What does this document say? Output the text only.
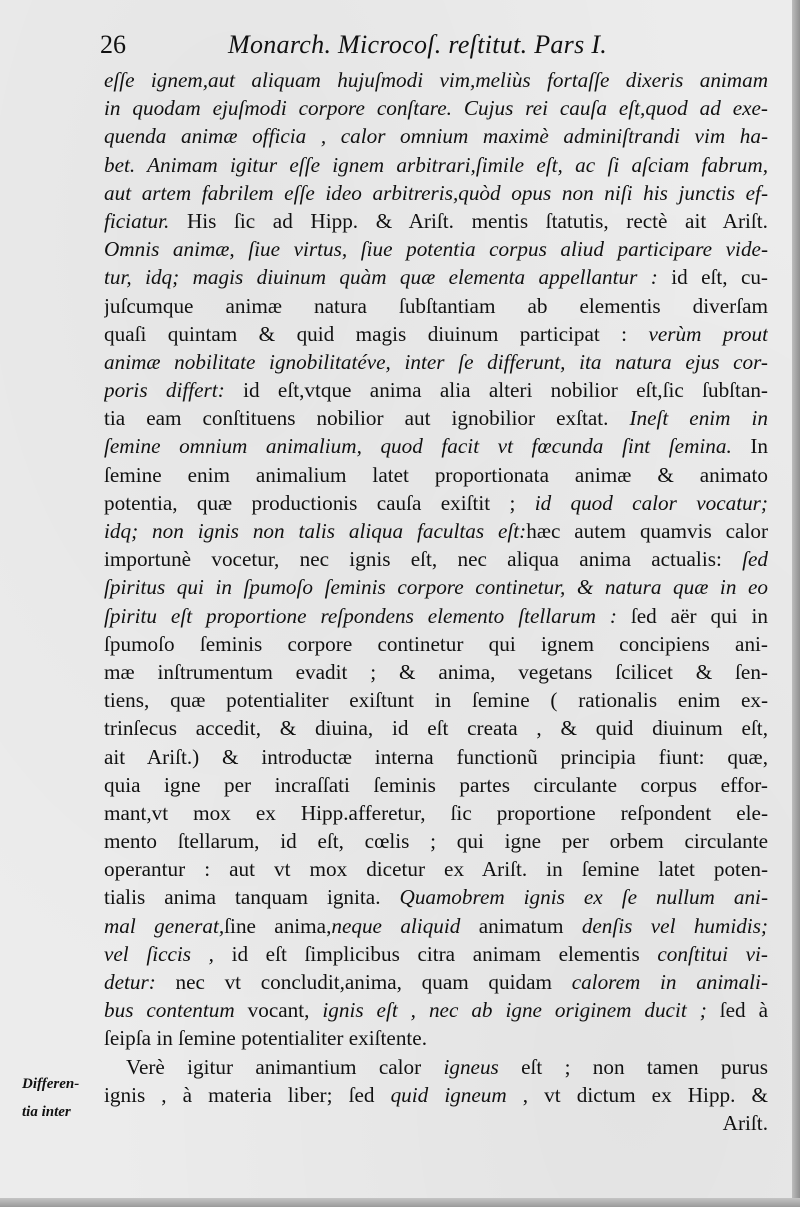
26	Monarch. Microcoſ. reſtitut. Pars I.
Differen-
tia inter
eſſe ignem,aut aliquam hujuſmodi vim,meliùs fortaſſe dixeris animam
in quodam ejuſmodi corpore conſtare. Cujus rei cauſa eſt,quod ad exe-
quenda animæ officia , calor omnium maximè adminiſtrandi vim ha-
bet. Animam igitur eſſe ignem arbitrari,ſimile eſt, ac ſi aſciam fabrum,
aut artem fabrilem eſſe ideo arbitreris,quòd opus non niſi his junctis ef-
ficiatur. His ſic ad Hipp. & Ariſt. mentis ſtatutis, rectè ait Ariſt.
Omnis animæ, ſiue virtus, ſiue potentia corpus aliud participare vide-
tur, idq; magis diuinum quàm quæ elementa appellantur : id eſt, cu-
juſcumque animæ natura ſubſtantiam ab elementis diverſam
quaſi quintam & quid magis diuinum participat : verùm prout
animæ nobilitate ignobilitatéve, inter ſe differunt, ita natura ejus cor-
poris differt: id eſt,vtque anima alia alteri nobilior eſt,ſic ſubſtan-
tia eam conſtituens nobilior aut ignobilior exſtat. Ineſt enim in
ſemine omnium animalium, quod facit vt fœcunda ſint ſemina. In
ſemine enim animalium latet proportionata animæ & animato
potentia, quæ productionis cauſa exiſtit ; id quod calor vocatur;
idq; non ignis non talis aliqua facultas eſt:hæc autem quamvis calor
importunè vocetur, nec ignis eſt, nec aliqua anima actualis: ſed
ſpiritus qui in ſpumoſo ſeminis corpore continetur, & natura quæ in eo
ſpiritu eſt proportione reſpondens elemento ſtellarum : ſed aër qui in
ſpumoſo ſeminis corpore continetur qui ignem concipiens ani-
mæ inſtrumentum evadit ; & anima, vegetans ſcilicet & ſen-
tiens, quæ potentialiter exiſtunt in ſemine ( rationalis enim ex-
trinſecus accedit, & diuina, id eſt creata , & quid diuinum eſt,
ait Ariſt.) & introductæ interna functionũ principia fiunt: quæ,
quia igne per incraſſati ſeminis partes circulante corpus effor-
mant,vt mox ex Hipp.afferetur, ſic proportione reſpondent ele-
mento ſtellarum, id eſt, cœlis ; qui igne per orbem circulante
operantur : aut vt mox dicetur ex Ariſt. in ſemine latet poten-
tialis anima tanquam ignita. Quamobrem ignis ex ſe nullum ani-
mal generat,ſine anima,neque aliquid animatum denſis vel humidis;
vel ſiccis , id eſt ſimplicibus citra animam elementis conſtitui vi-
detur: nec vt concludit,anima, quam quidam calorem in animali-
bus contentum vocant, ignis eſt , nec ab igne originem ducit ; ſed à
ſeipſa in ſemine potentialiter exiſtente.
Verè igitur animantium calor igneus eſt ; non tamen purus
ignis , à materia liber; ſed quid igneum , vt dictum ex Hipp. &
Ariſt.
